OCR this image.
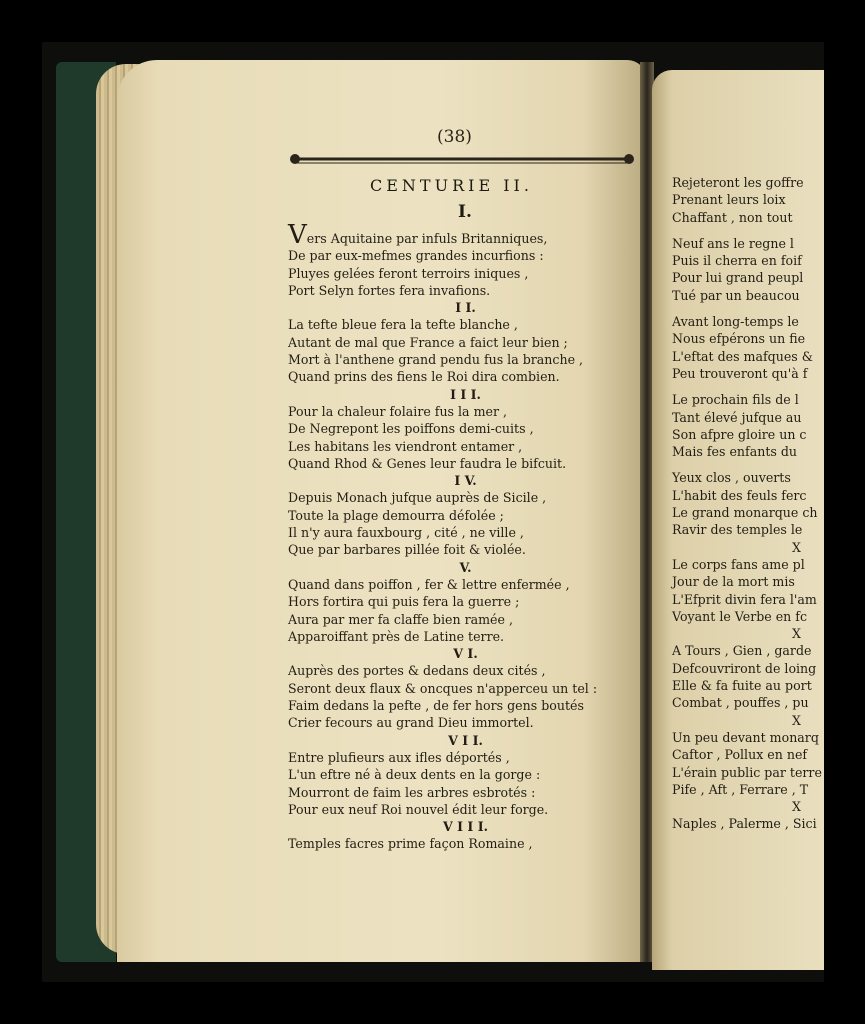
(38)
CENTURIE II.
I.
Vers Aquitaine par infuls Britanniques,
De par eux-mefmes grandes incurfions :
Pluyes gelées feront terroirs iniques ,
Port Selyn fortes fera invafions.
I I.
La tefte bleue fera la tefte blanche ,
Autant de mal que France a faict leur bien ;
Mort à l'anthene grand pendu fus la branche ,
Quand prins des fiens le Roi dira combien.
I I I.
Pour la chaleur folaire fus la mer ,
De Negrepont les poiffons demi-cuits ,
Les habitans les viendront entamer ,
Quand Rhod & Genes leur faudra le bifcuit.
I V.
Depuis Monach jufque auprès de Sicile ,
Toute la plage demourra défolée ;
Il n'y aura fauxbourg , cité , ne ville ,
Que par barbares pillée foit & violée.
V.
Quand dans poiffon , fer & lettre enfermée ,
Hors fortira qui puis fera la guerre ;
Aura par mer fa claffe bien ramée ,
Apparoiffant près de Latine terre.
V I.
Auprès des portes & dedans deux cités ,
Seront deux flaux & oncques n'apperceu un tel :
Faim dedans la pefte , de fer hors gens boutés
Crier fecours au grand Dieu immortel.
V I I.
Entre plufieurs aux ifles déportés ,
L'un eftre né à deux dents en la gorge :
Mourront de faim les arbres esbrotés :
Pour eux neuf Roi nouvel édit leur forge.
V I I I.
Temples facres prime façon Romaine ,
Rejeteront les goffre
Prenant leurs loix
Chaffant , non tout
Neuf ans le regne l
Puis il cherra en foif
Pour lui grand peupl
Tué par un beaucou
Avant long-temps le
Nous efpérons un fie
L'eftat des mafques &
Peu trouveront qu'à f
Le prochain fils de l
Tant élevé jufque au
Son afpre gloire un c
Mais fes enfants du
Yeux clos , ouverts
L'habit des feuls ferc
Le grand monarque ch
Ravir des temples le
X
Le corps fans ame pl
Jour de la mort mis
L'Efprit divin fera l'am
Voyant le Verbe en fc
X
A Tours , Gien , garde
Defcouvriront de loing
Elle & fa fuite au port
Combat , pouffes , pu
X
Un peu devant monarq
Caftor , Pollux en nef
L'érain public par terre
Pife , Aft , Ferrare , T
X
Naples , Palerme , Sici
